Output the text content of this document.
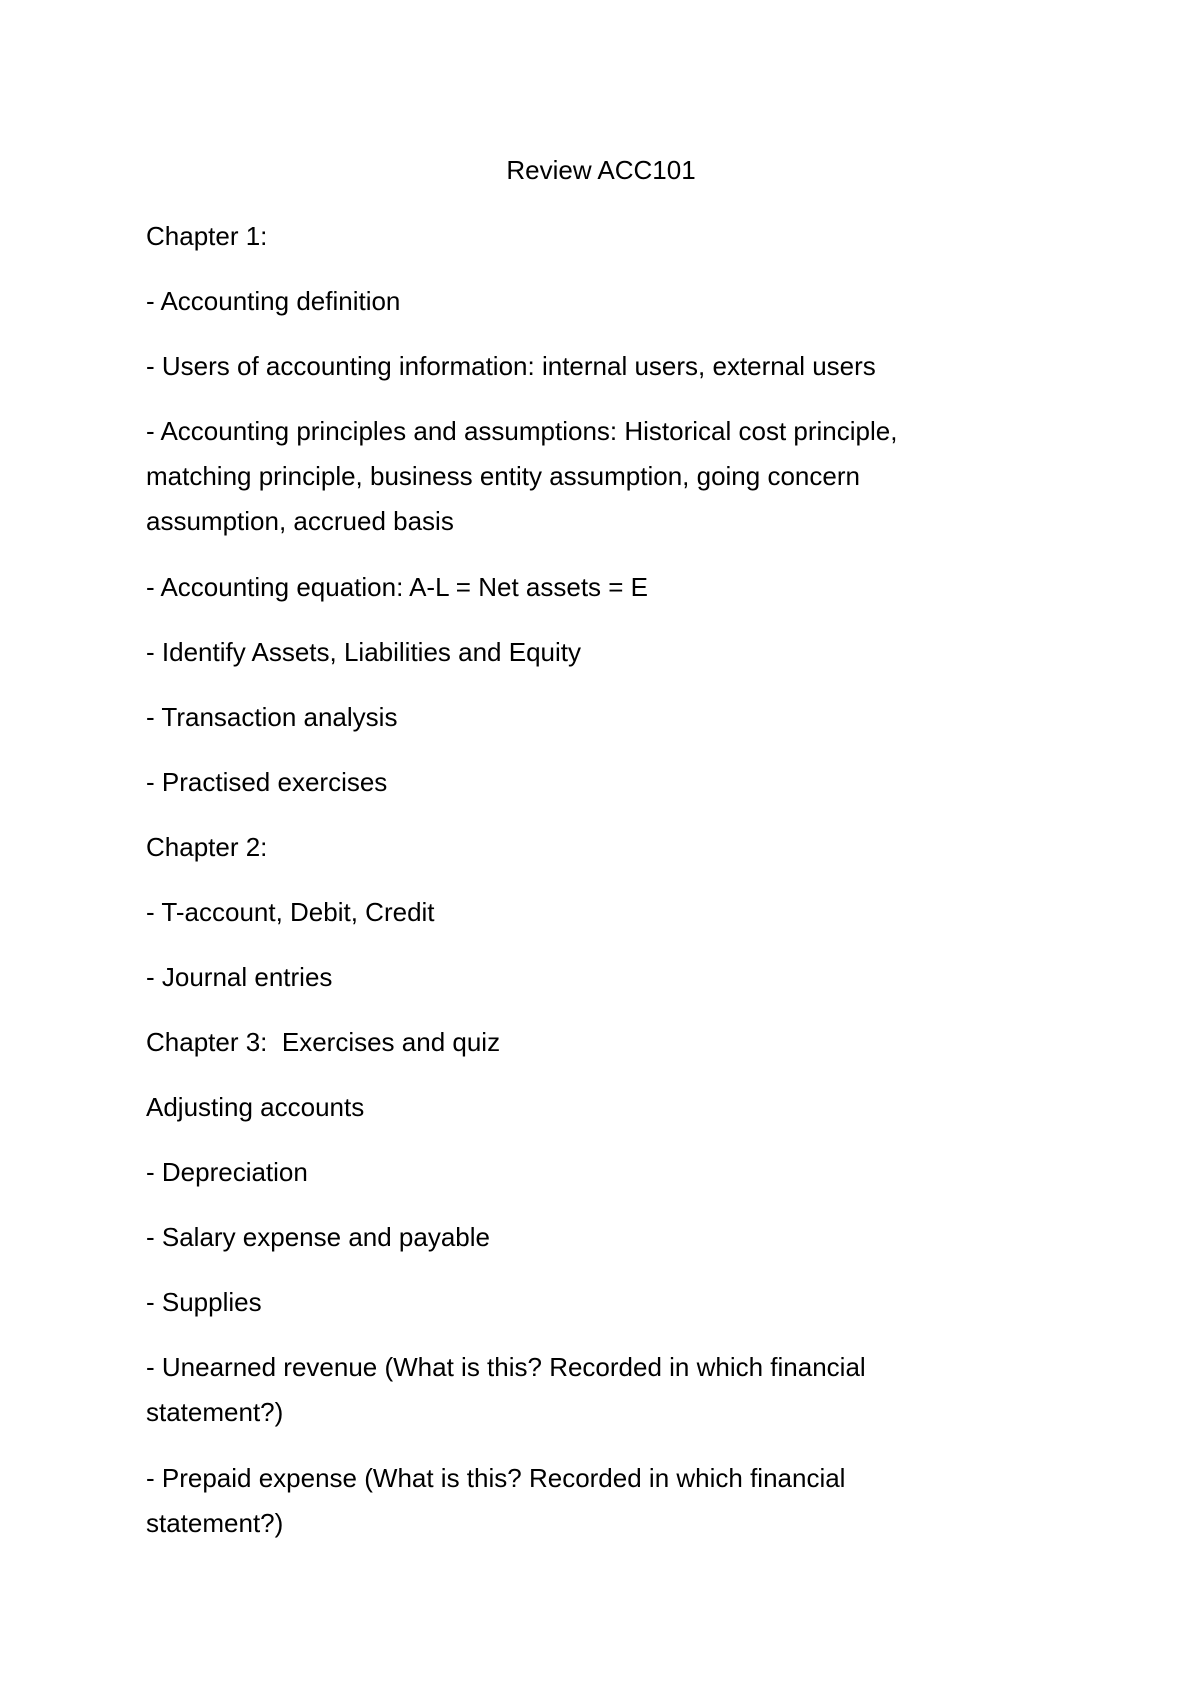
Review ACC101

Chapter 1:

- Accounting definition

- Users of accounting information: internal users, external users

- Accounting principles and assumptions: Historical cost principle, matching principle, business entity assumption, going concern assumption, accrued basis

- Accounting equation: A-L = Net assets = E

- Identify Assets, Liabilities and Equity

- Transaction analysis

- Practised exercises

Chapter 2:

- T-account, Debit, Credit

- Journal entries

Chapter 3:  Exercises and quiz

Adjusting accounts

- Depreciation

- Salary expense and payable

- Supplies

- Unearned revenue (What is this? Recorded in which financial statement?)

- Prepaid expense (What is this? Recorded in which financial statement?)
